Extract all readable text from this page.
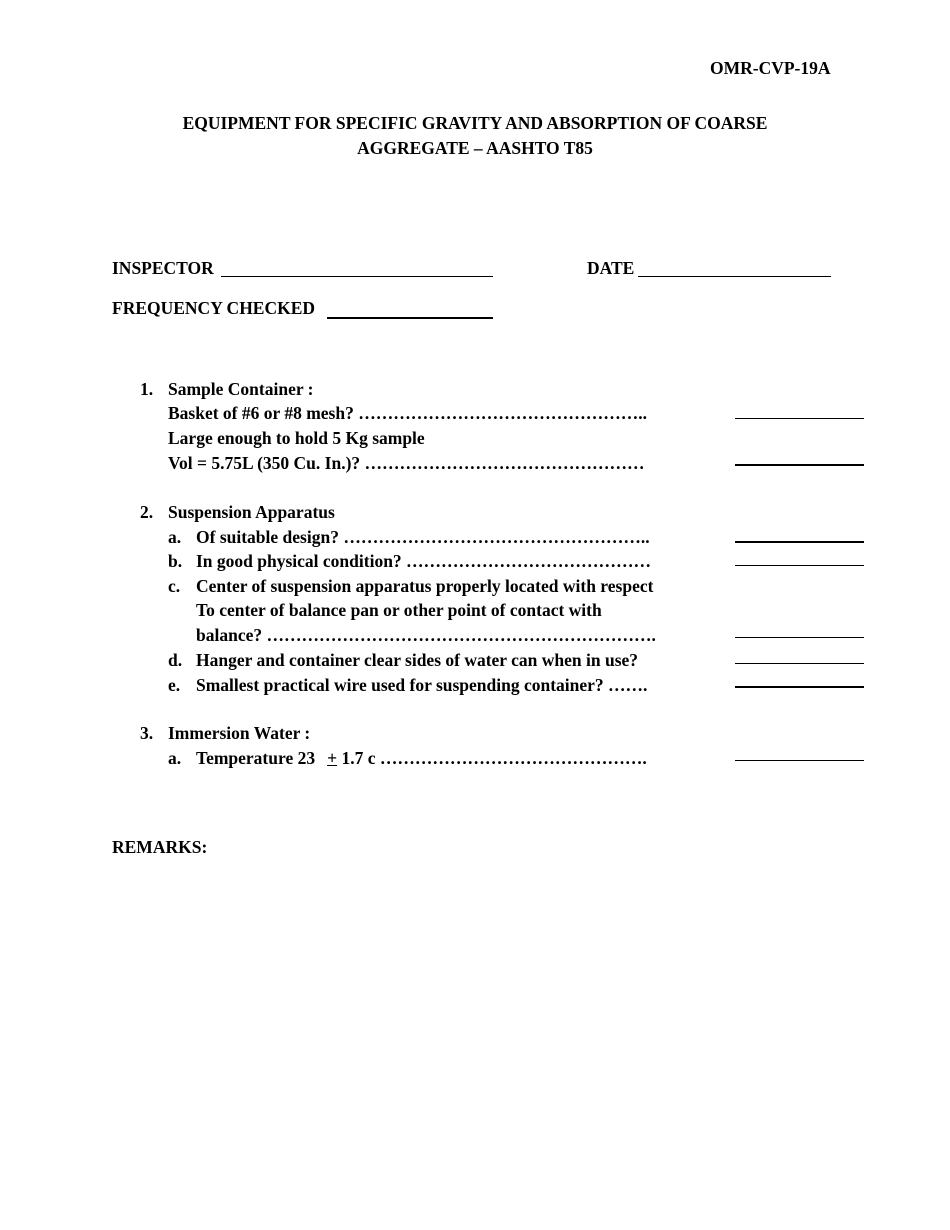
OMR-CVP-19A
EQUIPMENT FOR SPECIFIC GRAVITY AND ABSORPTION OF COARSE
AGGREGATE – AASHTO T85
INSPECTOR	DATE
FREQUENCY CHECKED
1. Sample Container :
Basket of #6 or #8 mesh? …………………………………………..
Large enough to hold 5 Kg sample
Vol = 5.75L (350 Cu. In.)? …………………………………………
2. Suspension Apparatus
a. Of suitable design? ……………………………………………..
b. In good physical condition? ……………………………………
c. Center of suspension apparatus properly located with respect
To center of balance pan or other point of contact with
balance? ………………………………………………………….
d. Hanger and container clear sides of water can when in use?
e. Smallest practical wire used for suspending container? …….
3. Immersion Water :
a. Temperature 23 + 1.7 c ……………………………………….
REMARKS:
